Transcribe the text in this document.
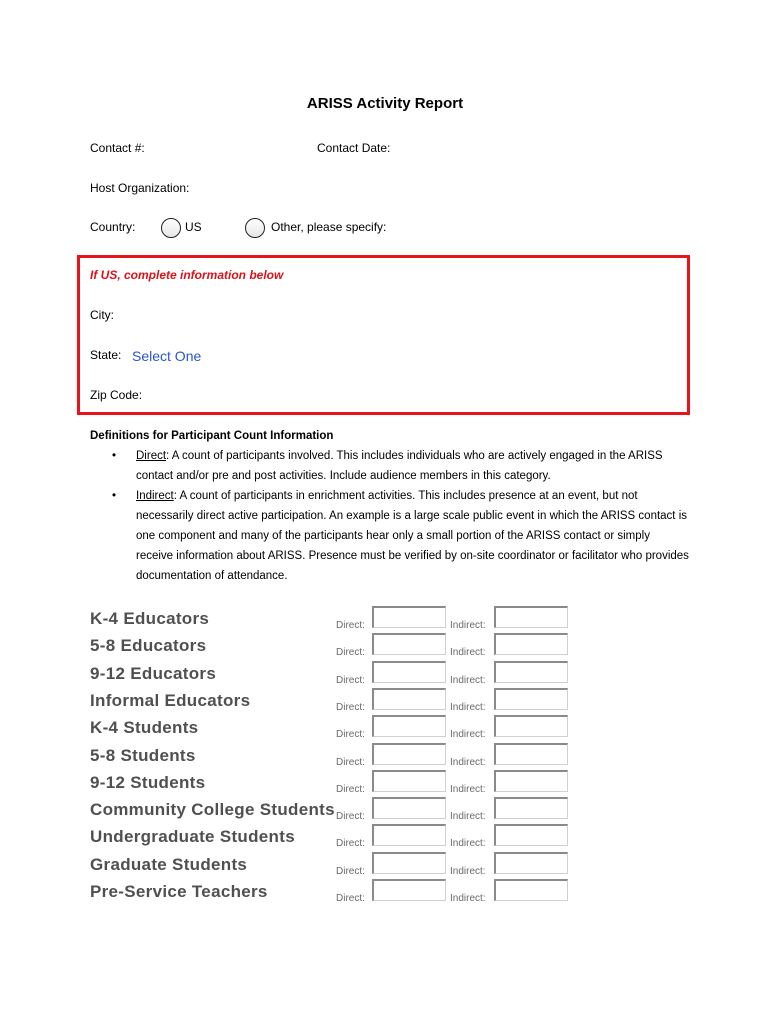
ARISS Activity Report
Contact #:	Contact Date:
Host Organization:
Country:	US	Other, please specify:
If US, complete information below
City:
State: Select One
Zip Code:
Definitions for Participant Count Information
• Direct: A count of participants involved. This includes individuals who are actively engaged in the ARISS contact and/or pre and post activities. Include audience members in this category.
• Indirect: A count of participants in enrichment activities. This includes presence at an event, but not necessarily direct active participation. An example is a large scale public event in which the ARISS contact is one component and many of the participants hear only a small portion of the ARISS contact or simply receive information about ARISS. Presence must be verified by on-site coordinator or facilitator who provides documentation of attendance.
K-4 Educators	Direct:	Indirect:
5-8 Educators	Direct:	Indirect:
9-12 Educators	Direct:	Indirect:
Informal Educators	Direct:	Indirect:
K-4 Students	Direct:	Indirect:
5-8 Students	Direct:	Indirect:
9-12 Students	Direct:	Indirect:
Community College Students Direct:	Indirect:
Undergraduate Students	Direct:	Indirect:
Graduate Students	Direct:	Indirect:
Pre-Service Teachers	Direct:	Indirect:
